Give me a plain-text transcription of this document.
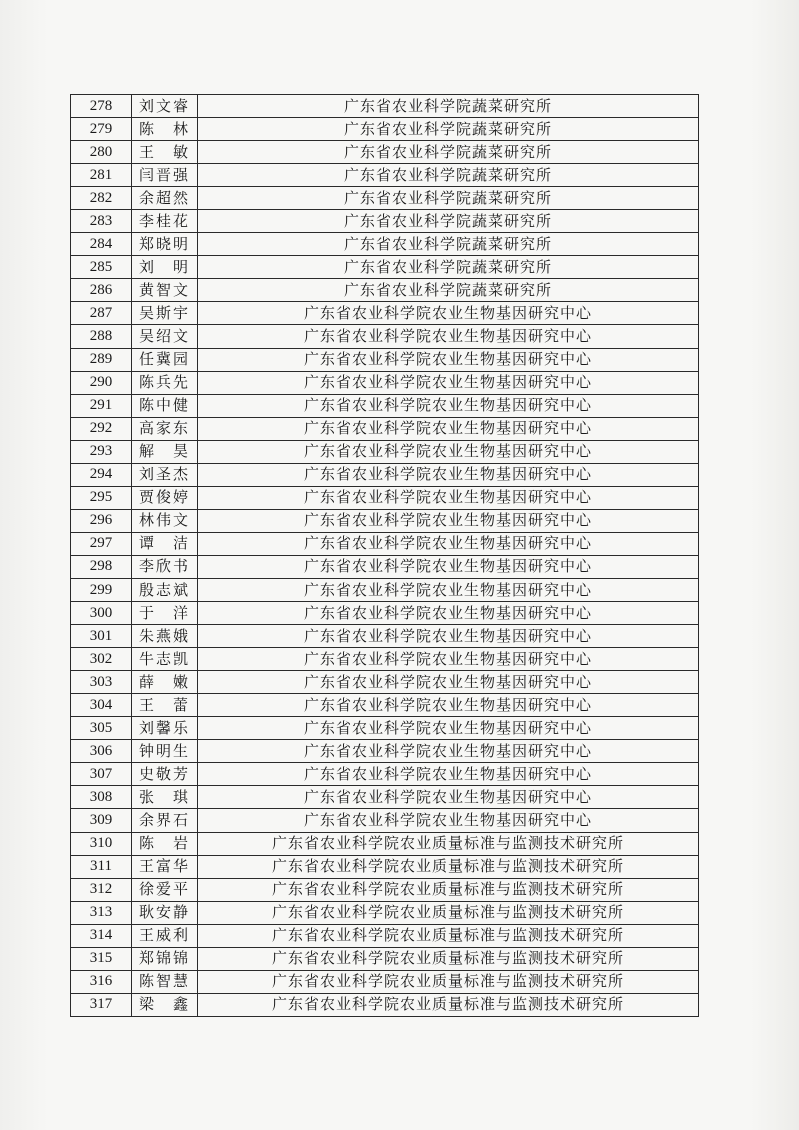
278	刘文睿	广东省农业科学院蔬菜研究所
279	陈　林	广东省农业科学院蔬菜研究所
280	王　敏	广东省农业科学院蔬菜研究所
281	闫晋强	广东省农业科学院蔬菜研究所
282	余超然	广东省农业科学院蔬菜研究所
283	李桂花	广东省农业科学院蔬菜研究所
284	郑晓明	广东省农业科学院蔬菜研究所
285	刘　明	广东省农业科学院蔬菜研究所
286	黄智文	广东省农业科学院蔬菜研究所
287	吴斯宇	广东省农业科学院农业生物基因研究中心
288	吴绍文	广东省农业科学院农业生物基因研究中心
289	任冀园	广东省农业科学院农业生物基因研究中心
290	陈兵先	广东省农业科学院农业生物基因研究中心
291	陈中健	广东省农业科学院农业生物基因研究中心
292	高家东	广东省农业科学院农业生物基因研究中心
293	解　昊	广东省农业科学院农业生物基因研究中心
294	刘圣杰	广东省农业科学院农业生物基因研究中心
295	贾俊婷	广东省农业科学院农业生物基因研究中心
296	林伟文	广东省农业科学院农业生物基因研究中心
297	谭　洁	广东省农业科学院农业生物基因研究中心
298	李欣书	广东省农业科学院农业生物基因研究中心
299	殷志斌	广东省农业科学院农业生物基因研究中心
300	于　洋	广东省农业科学院农业生物基因研究中心
301	朱燕娥	广东省农业科学院农业生物基因研究中心
302	牛志凯	广东省农业科学院农业生物基因研究中心
303	薛　嫩	广东省农业科学院农业生物基因研究中心
304	王　蕾	广东省农业科学院农业生物基因研究中心
305	刘馨乐	广东省农业科学院农业生物基因研究中心
306	钟明生	广东省农业科学院农业生物基因研究中心
307	史敬芳	广东省农业科学院农业生物基因研究中心
308	张　琪	广东省农业科学院农业生物基因研究中心
309	余界石	广东省农业科学院农业生物基因研究中心
310	陈　岩	广东省农业科学院农业质量标准与监测技术研究所
311	王富华	广东省农业科学院农业质量标准与监测技术研究所
312	徐爱平	广东省农业科学院农业质量标准与监测技术研究所
313	耿安静	广东省农业科学院农业质量标准与监测技术研究所
314	王威利	广东省农业科学院农业质量标准与监测技术研究所
315	郑锦锦	广东省农业科学院农业质量标准与监测技术研究所
316	陈智慧	广东省农业科学院农业质量标准与监测技术研究所
317	梁　鑫	广东省农业科学院农业质量标准与监测技术研究所
